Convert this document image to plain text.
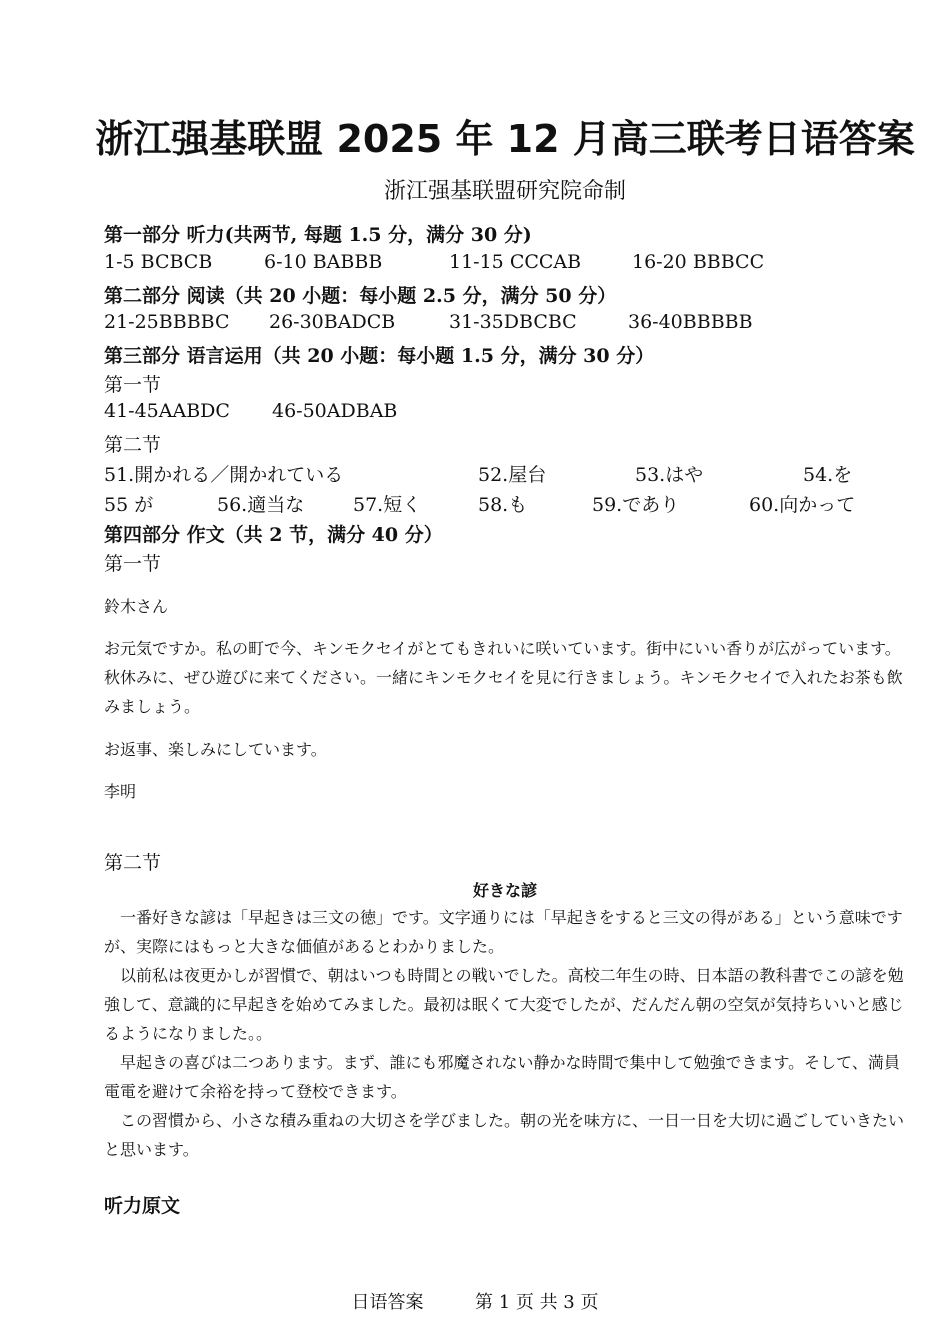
浙江强基联盟 2025 年 12 月高三联考日语答案
浙江强基联盟研究院命制
第一部分 听力(共两节, 每题 1.5 分，满分 30 分)
1-5 BCBCB	6-10 BABBB	11-15 CCCAB	16-20 BBBCC
第二部分 阅读（共 20 小题：每小题 2.5 分，满分 50 分）
21-25BBBBC 26-30BADCB	31-35DBCBC	36-40BBBBB
第三部分 语言运用（共 20 小题：每小题 1.5 分，满分 30 分）
第一节
41-45AABDC 46-50ADBAB
第二节
51.開かれる／開かれている	52.屋台	53.はや	54.を
55 が	56.適当な	57.短く	58.も	59.であり	60.向かって
第四部分 作文（共 2 节，满分 40 分）
第一节

鈴木さん

お元気ですか。私の町で今、キンモクセイがとてもきれいに咲いています。街中にいい香りが広がっています。秋休みに、ぜひ遊びに来てください。一緒にキンモクセイを見に行きましょう。キンモクセイで入れたお茶も飲みましょう。

お返事、楽しみにしています。

李明

第二节
好きな諺

一番好きな諺は「早起きは三文の徳」です。文字通りには「早起きをすると三文の得がある」という意味ですが、実際にはもっと大きな価値があるとわかりました。

以前私は夜更かしが習慣で、朝はいつも時間との戦いでした。高校二年生の時、日本語の教科書でこの諺を勉強して、意識的に早起きを始めてみました。最初は眠くて大変でしたが、だんだん朝の空気が気持ちいいと感じるようになりました。。

早起きの喜びは二つあります。まず、誰にも邪魔されない静かな時間で集中して勉強できます。そして、満員電電を避けて余裕を持って登校できます。

この習慣から、小さな積み重ねの大切さを学びました。朝の光を味方に、一日一日を大切に過ごしていきたいと思います。

听力原文
日语答案	第 1 页 共 3 页
